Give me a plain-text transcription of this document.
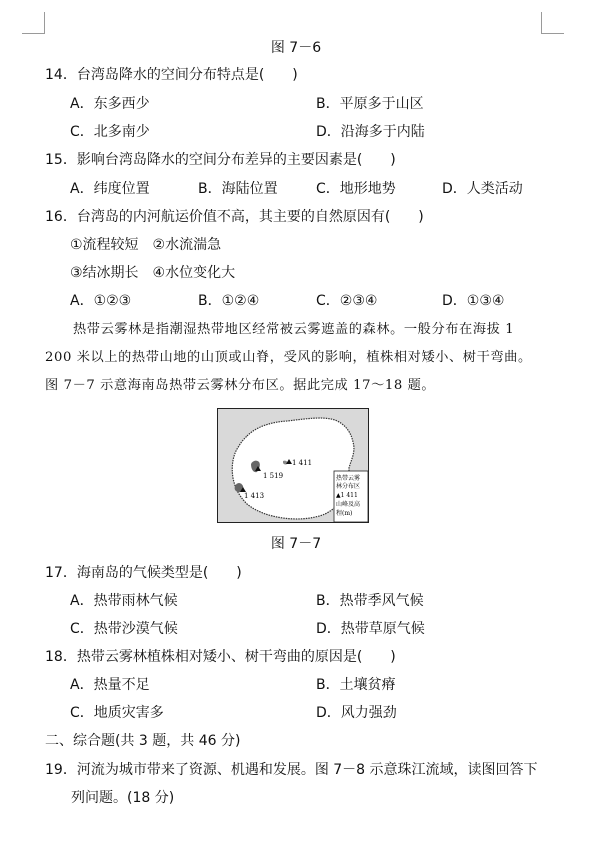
图 7－6
14．台湾岛降水的空间分布特点是(　　)
A．东多西少	B．平原多于山区
C．北多南少	D．沿海多于内陆
15．影响台湾岛降水的空间分布差异的主要因素是(　　)
A．纬度位置	B．海陆位置	C．地形地势	D．人类活动
16．台湾岛的内河航运价值不高，其主要的自然原因有(　　)
①流程较短　②水流湍急
③结冰期长　④水位变化大
A．①②③	B．①②④	C．②③④	D．①③④
热带云雾林是指潮湿热带地区经常被云雾遮盖的森林。一般分布在海拔 1
200 米以上的热带山地的山顶或山脊，受风的影响，植株相对矮小、树干弯曲。
图 7－7 示意海南岛热带云雾林分布区。据此完成 17～18 题。
1 411
1 519
1 413
热带云雾
林分布区
▲1 411
山峰及高
程(m)
图 7－7
17．海南岛的气候类型是(　　)
A．热带雨林气候	B．热带季风气候
C．热带沙漠气候	D．热带草原气候
18．热带云雾林植株相对矮小、树干弯曲的原因是(　　)
A．热量不足	B．土壤贫瘠
C．地质灾害多	D．风力强劲
二、综合题(共 3 题，共 46 分)
19．河流为城市带来了资源、机遇和发展。图 7－8 示意珠江流域，读图回答下
列问题。(18 分)
